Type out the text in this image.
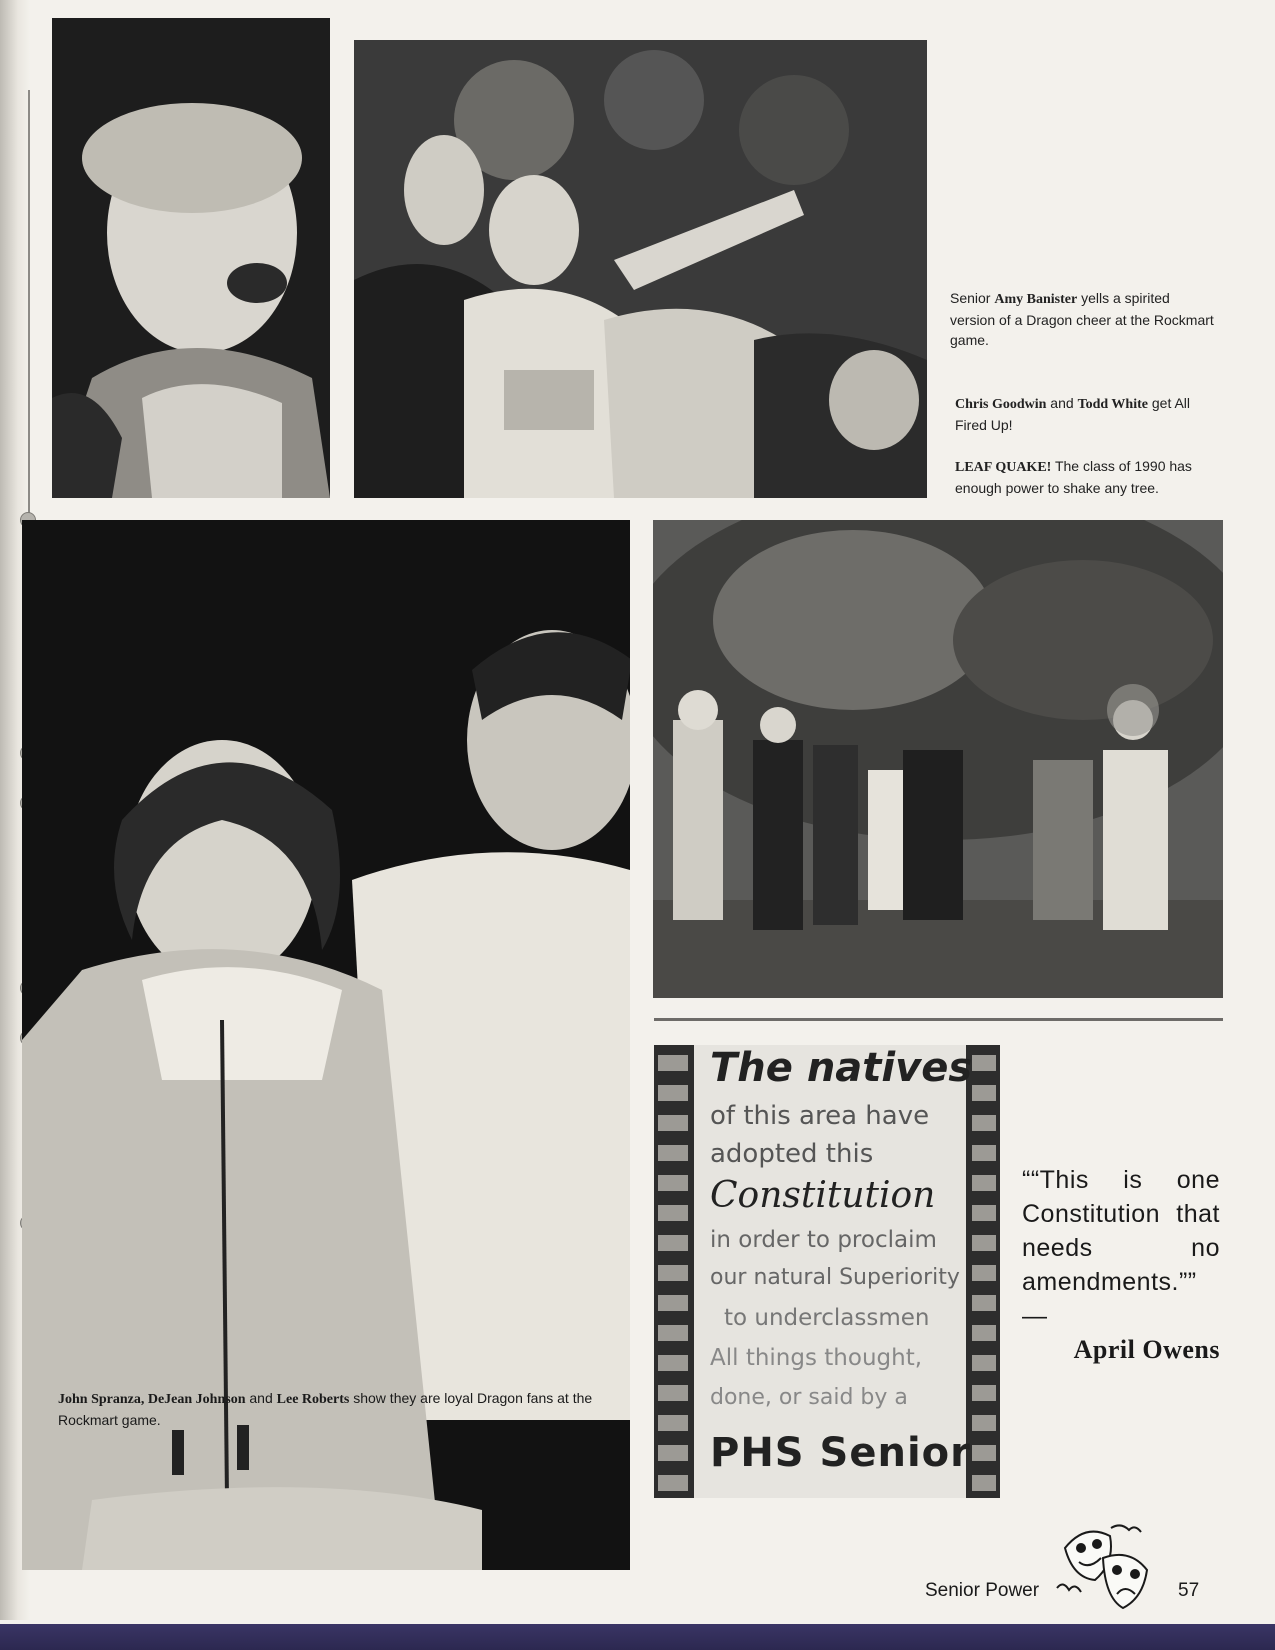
Senior Amy Banister yells a spirited version of a Dragon cheer at the Rockmart game.
Chris Goodwin and Todd White get All Fired Up!
LEAF QUAKE! The class of 1990 has enough power to shake any tree.
John Spranza, DeJean Johnson and Lee Roberts show they are loyal Dragon fans at the Rockmart game.
The natives
of this area have
adopted this
Constitution
in order to proclaim
our natural Superiority
to underclassmen
All things thought,
done, or said by a
PHS Senior
““This is one Constitution that needs no amendments.”” —
April Owens
Senior Power	57
